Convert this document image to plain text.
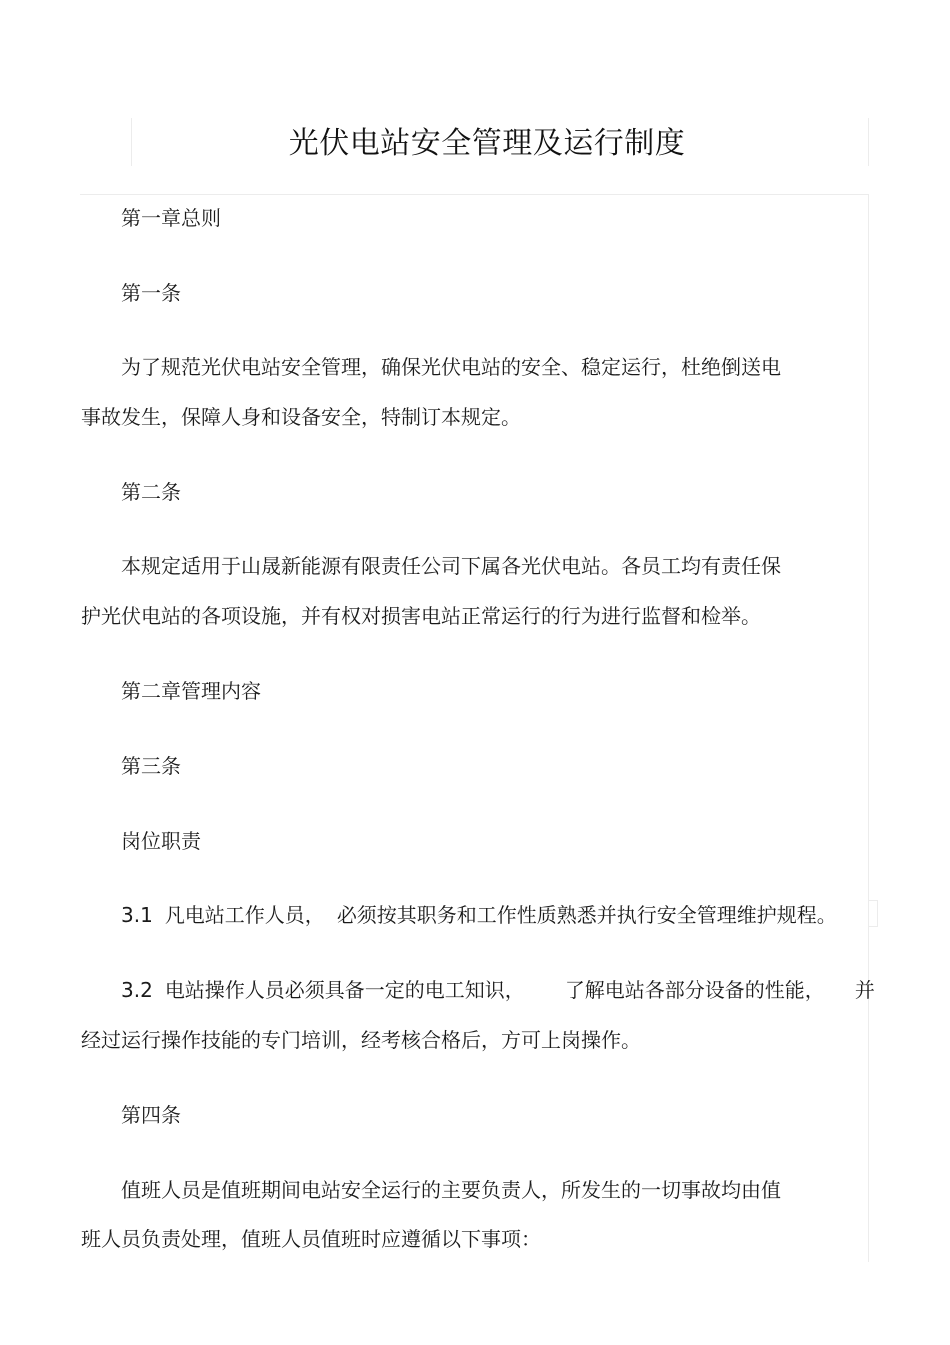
光伏电站安全管理及运行制度
第一章总则
第一条
为了规范光伏电站安全管理，确保光伏电站的安全、稳定运行，杜绝倒送电
事故发生，保障人身和设备安全，特制订本规定。
第二条
本规定适用于山晟新能源有限责任公司下属各光伏电站。各员工均有责任保
护光伏电站的各项设施，并有权对损害电站正常运行的行为进行监督和检举。
第二章管理内容
第三条
岗位职责
3.1 凡电站工作人员， 必须按其职务和工作性质熟悉并执行安全管理维护规程。
3.2 电站操作人员必须具备一定的电工知识， 了解电站各部分设备的性能， 并
经过运行操作技能的专门培训，经考核合格后，方可上岗操作。
第四条
值班人员是值班期间电站安全运行的主要负责人，所发生的一切事故均由值
班人员负责处理，值班人员值班时应遵循以下事项：
